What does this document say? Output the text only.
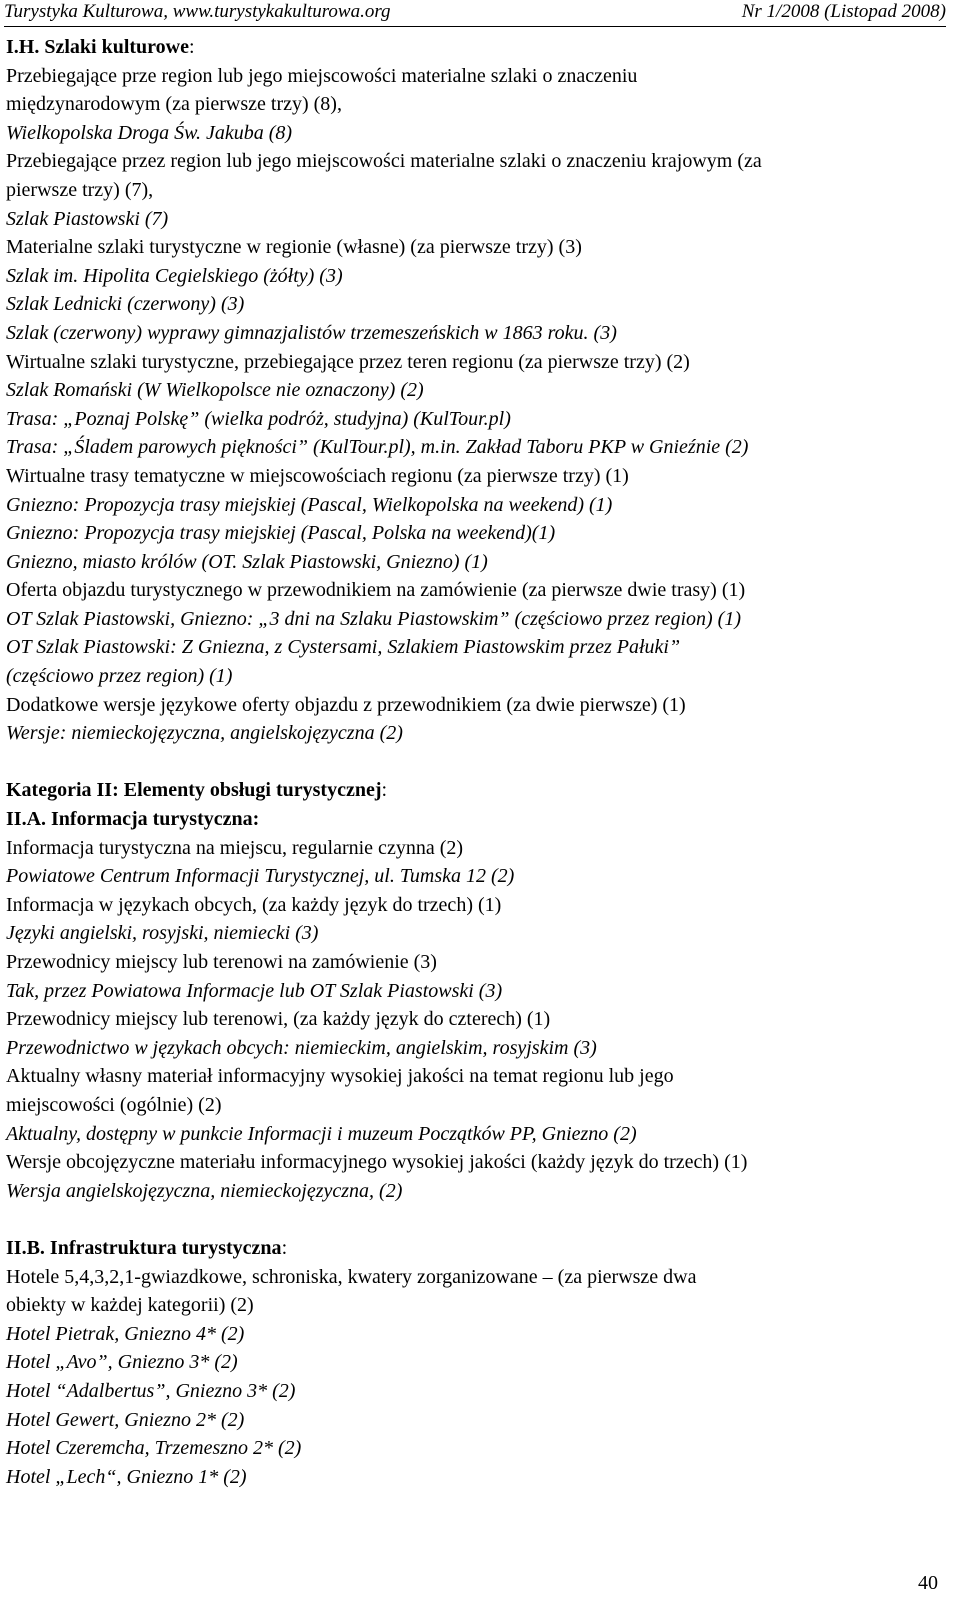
Turystyka Kulturowa, www.turystykakulturowa.org	Nr 1/2008 (Listopad 2008)
I.H. Szlaki kulturowe:
Przebiegające prze region lub jego miejscowości materialne szlaki o znaczeniu
międzynarodowym (za pierwsze trzy) (8),
Wielkopolska Droga Św. Jakuba (8)
Przebiegające przez region lub jego miejscowości materialne szlaki o znaczeniu krajowym (za
pierwsze trzy) (7),
Szlak Piastowski (7)
Materialne szlaki turystyczne w regionie (własne) (za pierwsze trzy) (3)
Szlak im. Hipolita Cegielskiego (żółty) (3)
Szlak Lednicki (czerwony) (3)
Szlak (czerwony) wyprawy gimnazjalistów trzemeszeńskich w 1863 roku. (3)
Wirtualne szlaki turystyczne, przebiegające przez teren regionu (za pierwsze trzy) (2)
Szlak Romański (W Wielkopolsce nie oznaczony) (2)
Trasa: „Poznaj Polskę” (wielka podróż, studyjna) (KulTour.pl)
Trasa: „Śladem parowych piękności” (KulTour.pl), m.in. Zakład Taboru PKP w Gnieźnie (2)
Wirtualne trasy tematyczne w miejscowościach regionu (za pierwsze trzy) (1)
Gniezno: Propozycja trasy miejskiej (Pascal, Wielkopolska na weekend) (1)
Gniezno: Propozycja trasy miejskiej (Pascal, Polska na weekend)(1)
Gniezno, miasto królów (OT. Szlak Piastowski, Gniezno) (1)
Oferta objazdu turystycznego w przewodnikiem na zamówienie (za pierwsze dwie trasy) (1)
OT Szlak Piastowski, Gniezno: „3 dni na Szlaku Piastowskim” (częściowo przez region) (1)
OT Szlak Piastowski: Z Gniezna, z Cystersami, Szlakiem Piastowskim przez Pałuki”
(częściowo przez region) (1)
Dodatkowe wersje językowe oferty objazdu z przewodnikiem (za dwie pierwsze) (1)
Wersje: niemieckojęzyczna, angielskojęzyczna (2)
Kategoria II: Elementy obsługi turystycznej:
II.A. Informacja turystyczna:
Informacja turystyczna na miejscu, regularnie czynna (2)
Powiatowe Centrum Informacji Turystycznej, ul. Tumska 12 (2)
Informacja w językach obcych, (za każdy język do trzech) (1)
Języki angielski, rosyjski, niemiecki (3)
Przewodnicy miejscy lub terenowi na zamówienie (3)
Tak, przez Powiatowa Informacje lub OT Szlak Piastowski (3)
Przewodnicy miejscy lub terenowi, (za każdy język do czterech) (1)
Przewodnictwo w językach obcych: niemieckim, angielskim, rosyjskim (3)
Aktualny własny materiał informacyjny wysokiej jakości na temat regionu lub jego
miejscowości (ogólnie) (2)
Aktualny, dostępny w punkcie Informacji i muzeum Początków PP, Gniezno (2)
Wersje obcojęzyczne materiału informacyjnego wysokiej jakości (każdy język do trzech) (1)
Wersja angielskojęzyczna, niemieckojęzyczna, (2)
II.B. Infrastruktura turystyczna:
Hotele 5,4,3,2,1-gwiazdkowe, schroniska, kwatery zorganizowane – (za pierwsze dwa
obiekty w każdej kategorii) (2)
Hotel Pietrak, Gniezno 4* (2)
Hotel „Avo”, Gniezno 3* (2)
Hotel “Adalbertus”, Gniezno 3* (2)
Hotel Gewert, Gniezno 2* (2)
Hotel Czeremcha, Trzemeszno 2* (2)
Hotel „Lech“, Gniezno 1* (2)
40
